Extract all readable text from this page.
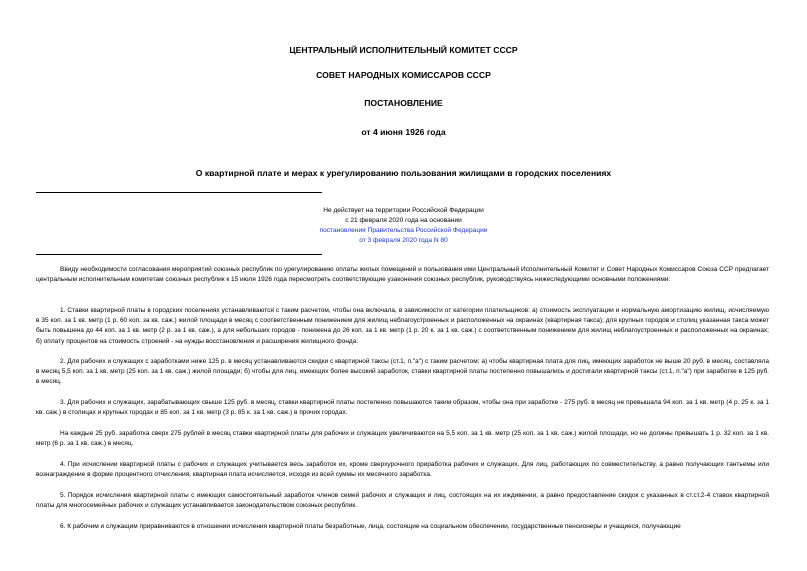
ЦЕНТРАЛЬНЫЙ ИСПОЛНИТЕЛЬНЫЙ КОМИТЕТ СССР
СОВЕТ НАРОДНЫХ КОМИССАРОВ СССР
ПОСТАНОВЛЕНИЕ
от 4 июня 1926 года
О квартирной плате и мерах к урегулированию пользования жилищами в городских поселениях
Не действует на территории Российской Федерации
с 21 февраля 2020 года на основании
постановления Правительства Российской Федерации
от 3 февраля 2020 года N 80
Ввиду необходимости согласования мероприятий союзных республик по урегулированию оплаты жилых помещений и пользования ими Центральный Исполнительный Комитет и Совет Народных Комиссаров Союза ССР предлагает центральным исполнительным комитетам союзных республик к 15 июля 1926 года пересмотреть соответствующие узаконения союзных республик, руководствуясь нижеследующими основными положениями:
1. Ставки квартирной платы в городских поселениях устанавливаются с таким расчетом, чтобы она включала, в зависимости от категории плательщиков: а) стоимость эксплуатации и нормальную амортизацию жилищ, исчисляемую в 35 коп. за 1 кв. метр (1 р. 60 коп. за кв. саж.) жилой площади в месяц с соответственным понижением для жилищ неблагоустроенных и расположенных на окраинах (квартирная такса); для крупных городов и столиц указанная такса может быть повышена до 44 коп. за 1 кв. метр (2 р. за 1 кв. саж.), а для небольших городов - понижена до 26 коп. за 1 кв. метр (1 р. 20 к. за 1 кв. саж.) с соответственным понижением для жилищ неблагоустроенных и расположенных на окраинах; б) оплату процентов на стоимость строений - на нужды восстановления и расширения жилищного фонда.
2. Для рабочих и служащих с заработками ниже 125 р. в месяц устанавливаются скидки с квартирной таксы (ст.1, п."а") с таким расчетом: а) чтобы квартирная плата для лиц, имеющих заработок не выше 20 руб. в месяц, составляла в месяц 5,5 коп. за 1 кв. метр (25 коп. за 1 кв. саж.) жилой площади; б) чтобы для лиц, имеющих более высокий заработок, ставки квартирной платы постепенно повышались и достигали квартирной таксы (ст.1, п."а") при заработке в 125 руб. в месяц.
3. Для рабочих и служащих, зарабатывающих свыше 125 руб. в месяц, ставки квартирной платы постепенно повышаются таким образом, чтобы она при заработке - 275 руб. в месяц не превышала 94 коп. за 1 кв. метр (4 р. 25 к. за 1 кв. саж.) в столицах и крупных городах и 85 коп. за 1 кв. метр (3 р. 85 к. за 1 кв. саж.) в прочих городах.
На каждые 25 руб. заработка сверх 275 рублей в месяц ставки квартирной платы для рабочих и служащих увеличиваются на 5,5 коп. за 1 кв. метр (25 коп. за 1 кв. саж.) жилой площади, но не должны превышать 1 р. 32 коп. за 1 кв. метр (6 р. за 1 кв. саж.) в месяц.
4. При исчислении квартирной платы с рабочих и служащих учитывается весь заработок их, кроме сверхурочного приработка рабочих и служащих. Для лиц, работающих по совместительству, а равно получающих тантьемы или вознаграждение в форме процентного отчисления, квартирная плата исчисляется, исходя из всей суммы их месячного заработка.
5. Порядок исчисления квартирной платы с имеющих самостоятельный заработок членов семей рабочих и служащих и лиц, состоящих на их иждивении, а равно предоставление скидок с указанных в ст.ст.2-4 ставок квартирной платы для многосемейных рабочих и служащих устанавливается законодательством союзных республик.
6. К рабочим и служащим приравниваются в отношении исчисления квартирной платы безработные, лица, состоящие на социальном обеспечении, государственные пенсионеры и учащиеся, получающие
